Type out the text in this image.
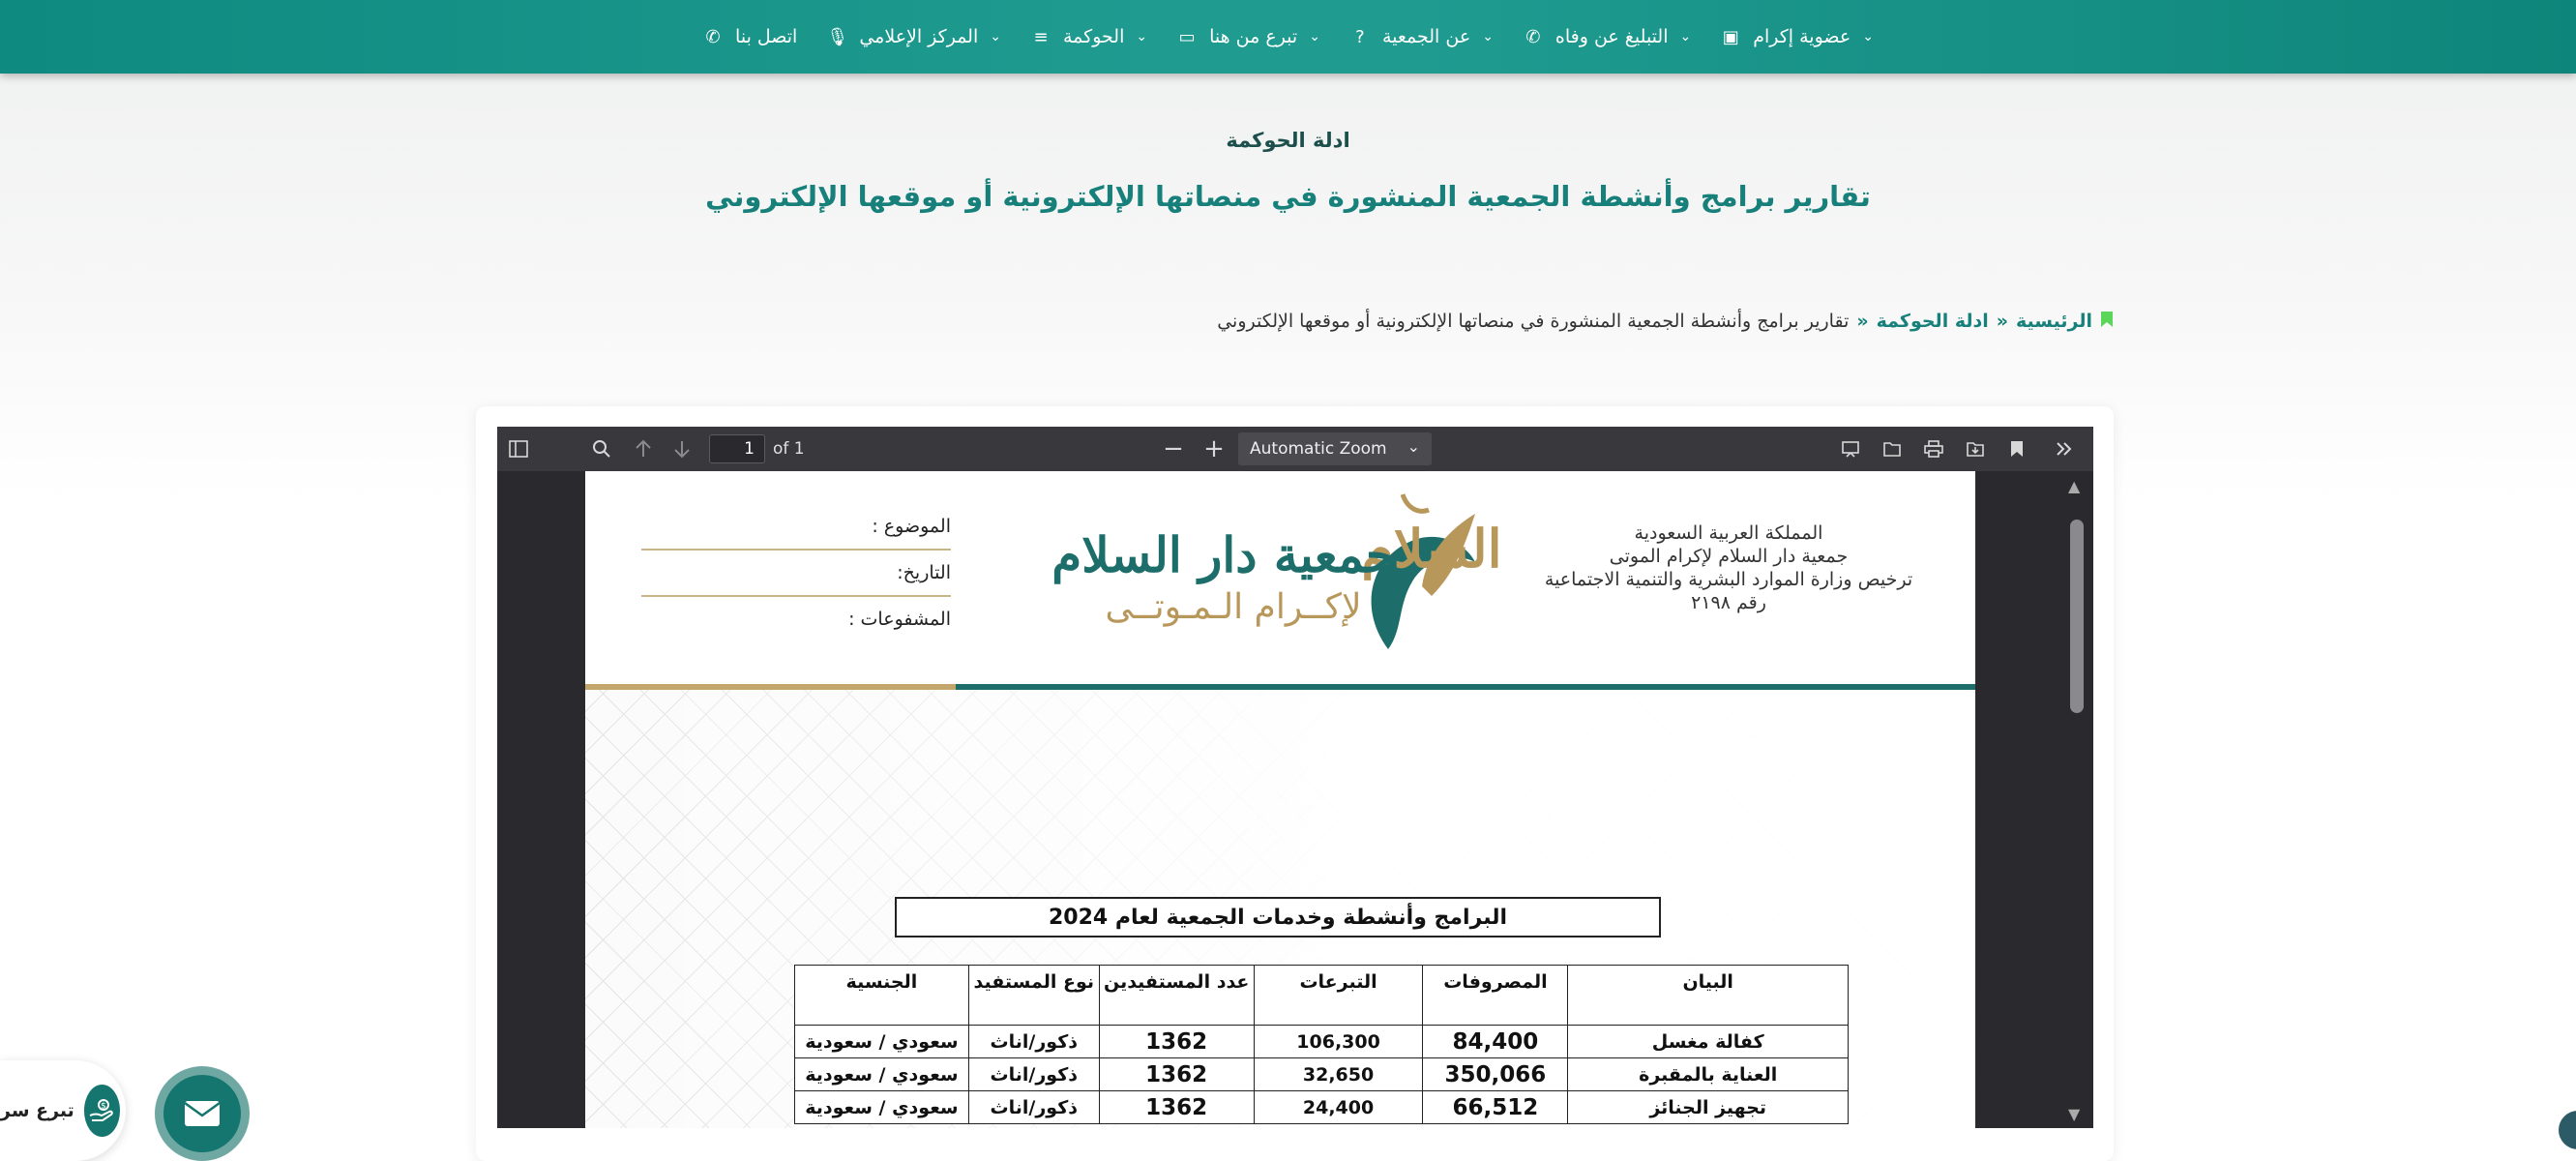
▣ عضوية إكرام ⌄
✆ التبليغ عن وفاه ⌄
? عن الجمعية ⌄
▭ تبرع من هنا ⌄
≡ الحوكمة ⌄
🎙 المركز الإعلامي ⌄
✆ اتصل بنا
ادلة الحوكمة
تقارير برامج وأنشطة الجمعية المنشورة في منصاتها الإلكترونية أو موقعها الإلكتروني
الرئيسية
»
ادلة الحوكمة
»
تقارير برامج وأنشطة الجمعية المنشورة في منصاتها الإلكترونية أو موقعها الإلكتروني
1
of 1	− + Automatic Zoom ⌄
المملكة العربية السعودية
جمعية دار السلام لإكرام الموتى
ترخيص وزارة الموارد البشرية والتنمية الاجتماعية
رقم ٢١٩٨
السلام
جمعية دار السلام
لإكــرام الـمـوتــى
الموضوع :
التاريخ:
المشفوعات :
البرامج وأنشطة وخدمات الجمعية لعام 2024
البيان	المصروفات	التبرعات	عدد المستفيدين	نوع المستفيد	الجنسية
كفالة مغسل	84,400	106,300	1362	ذكور/اناث	سعودي / سعودية
العناية بالمقبرة	350,066	32,650	1362	ذكور/اناث	سعودي / سعودية
تجهيز الجنائز	66,512	24,400	1362	ذكور/اناث	سعودي / سعودية
▲
▼
تبرع سر	$
